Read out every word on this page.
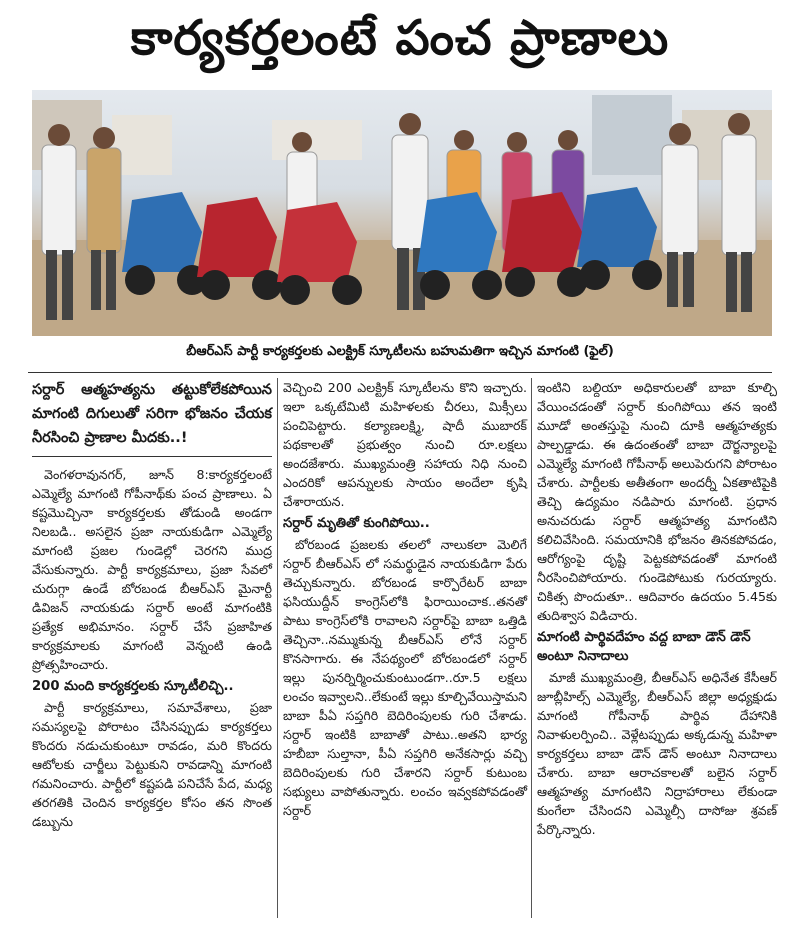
కార్యకర్తలంటే పంచ ప్రాణాలు
బీఆర్ఎస్ పార్టీ కార్యకర్తలకు ఎలక్ట్రిక్ స్కూటీలను బహుమతిగా ఇచ్చిన మాగంటి (ఫైల్)
సర్దార్ ఆత్మహత్యను తట్టుకోలేకపోయిన మాగంటి దిగులుతో సరిగా భోజనం చేయక నీరసించి ప్రాణాల మీదకు..!

వెంగళరావునగర్, జూన్ 8:కార్యకర్తలంటే ఎమ్మెల్యే మాగంటి గోపీనాథ్‌కు పంచ ప్రాణాలు. ఏ కష్టమొచ్చినా కార్యకర్తలకు తోడుండి అండగా నిలబడి.. అసలైన ప్రజా నాయకుడిగా ఎమ్మెల్యే మాగంటి ప్రజల గుండెల్లో చెరగని ముద్ర వేసుకున్నారు. పార్టీ కార్యక్రమాలు, ప్రజా సేవలో చురుగ్గా ఉండే బోరబండ బీఆర్ఎస్ మైనార్టీ డివిజన్ నాయకుడు సర్దార్ అంటే మాగంటికి ప్రత్యేక అభిమానం. సర్దార్ చేసే ప్రజాహిత కార్యక్రమాలకు మాగంటి వెన్నంటి ఉండి ప్రోత్సహించారు.

200 మంది కార్యకర్తలకు స్కూటీలిచ్చి..

పార్టీ కార్యక్రమాలు, సమావేశాలు, ప్రజా సమస్యలపై పోరాటం చేసినప్పుడు కార్యకర్తలు కొందరు నడుచుకుంటూ రావడం, మరి కొందరు ఆటోలకు చార్జీలు పెట్టుకుని రావడాన్ని మాగంటి గమనించారు. పార్టీలో కష్టపడి పనిచేసే పేద, మధ్య తరగతికి చెందిన కార్యకర్తల కోసం తన సొంత డబ్బును

వెచ్చించి 200 ఎలక్ట్రిక్ స్కూటీలను కొని ఇచ్చారు. ఇలా ఒక్కటేమిటి మహిళలకు చీరలు, మిక్సీలు పంచిపెట్టారు. కల్యాణలక్ష్మి, షాదీ ముబారక్ పథకాలతో ప్రభుత్వం నుంచి రూ.లక్షలు అందజేశారు. ముఖ్యమంత్రి సహాయ నిధి నుంచి ఎందరికో ఆపన్నులకు సాయం అందేలా కృషి చేశారాయన.

సర్దార్ మృతితో కుంగిపోయి..

బోరబండ ప్రజలకు తలలో నాలుకలా మెలిగే సర్దార్ బీఆర్ఎస్ లో సమర్థుడైన నాయకుడిగా పేరు తెచ్చుకున్నారు. బోరబండ కార్పొరేటర్ బాబా ఫసియుద్దీన్ కాంగ్రెస్‌లోకి ఫిరాయించాక..తనతో పాటు కాంగ్రెస్‌లోకి రావాలని సర్దార్‌పై బాబా ఒత్తిడి తెచ్చినా..నమ్ముకున్న బీఆర్ఎస్ లోనే సర్దార్ కొనసాగారు. ఈ నేపథ్యంలో బోరబండలో సర్దార్ ఇల్లు పునర్నిర్మించుకుంటుండగా..రూ.5 లక్షలు లంచం ఇవ్వాలని..లేకుంటే ఇల్లు కూల్చివేయిస్తామని బాబా పీఏ సప్తగిరి బెదిరింపులకు గురి చేశాడు. సర్దార్ ఇంటికి బాబాతో పాటు..అతని భార్య హబీబా సుల్తానా, పీఏ సప్తగిరి అనేకసార్లు వచ్చి బెదిరింపులకు గురి చేశారని సర్దార్ కుటుంబ సభ్యులు వాపోతున్నారు. లంచం ఇవ్వకపోవడంతో సర్దార్

ఇంటిని బల్దియా అధికారులతో బాబా కూల్చి వేయించడంతో సర్దార్ కుంగిపోయి తన ఇంటి మూడో అంతస్తుపై నుంచి దూకి ఆత్మహత్యకు పాల్పడ్డాడు. ఈ ఉదంతంతో బాబా దౌర్జన్యాలపై ఎమ్మెల్యే మాగంటి గోపీనాథ్ అలుపెరుగని పోరాటం చేశారు. పార్టీలకు అతీతంగా అందర్నీ ఏకతాటిపైకి తెచ్చి ఉద్యమం నడిపారు మాగంటి. ప్రధాన అనుచరుడు సర్దార్ ఆత్మహత్య మాగంటిని కలిచివేసింది. సమయానికి భోజనం తినకపోవడం, ఆరోగ్యంపై దృష్టి పెట్టకపోవడంతో మాగంటి నీరసించిపోయారు. గుండెపోటుకు గురయ్యారు. చికిత్స పొందుతూ.. ఆదివారం ఉదయం 5.45కు తుదిశ్వాస విడిచారు.

మాగంటి పార్థివదేహం వద్ద బాబా డౌన్ డౌన్ అంటూ నినాదాలు

మాజీ ముఖ్యమంత్రి, బీఆర్ఎస్ అధినేత కేసీఆర్ జూబ్లీహిల్స్ ఎమ్మెల్యే, బీఆర్ఎస్ జిల్లా అధ్యక్షుడు మాగంటి గోపీనాథ్ పార్థివ దేహానికి నివాళులర్పించి.. వెళ్లేటప్పుడు అక్కడున్న మహిళా కార్యకర్తలు బాబా డౌన్ డౌన్ అంటూ నినాదాలు చేశారు. బాబా ఆరాచకాలతో బలైన సర్దార్ ఆత్మహత్య మాగంటిని నిద్రాహారాలు లేకుండా కుంగేలా చేసిందని ఎమ్మెల్సీ దాసోజు శ్రవణ్ పేర్కొన్నారు.
